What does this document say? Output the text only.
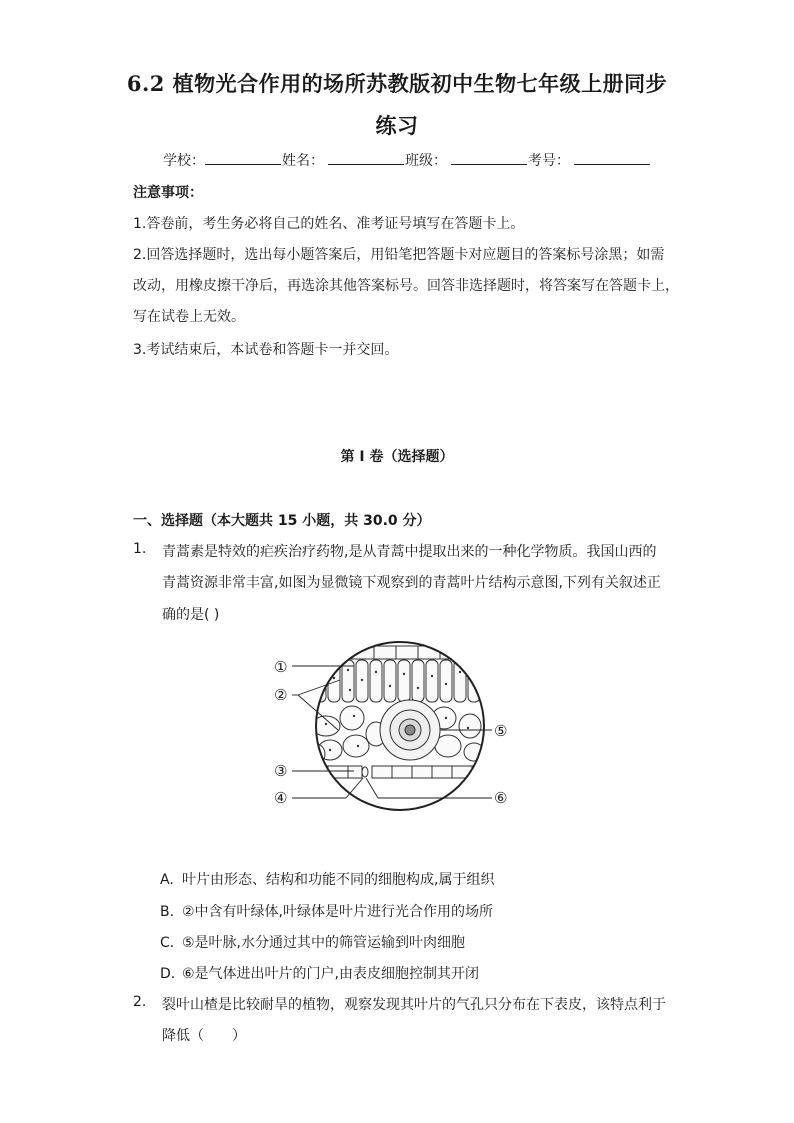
6.2 植物光合作用的场所苏教版初中生物七年级上册同步
练习
学校：	姓名：	班级：	考号：
注意事项：
1.答卷前，考生务必将自己的姓名、准考证号填写在答题卡上。
2.回答选择题时，选出每小题答案后，用铅笔把答题卡对应题目的答案标号涂黑；如需
改动，用橡皮擦干净后，再选涂其他答案标号。回答非选择题时，将答案写在答题卡上，
写在试卷上无效。
3.考试结束后，本试卷和答题卡一并交回。
第 I 卷（选择题）
一、选择题（本大题共 15 小题，共 30.0 分）
1. 青蒿素是特效的疟疾治疗药物,是从青蒿中提取出来的一种化学物质。我国山西的
青蒿资源非常丰富,如图为显微镜下观察到的青蒿叶片结构示意图,下列有关叙述正
确的是( )
①
②
③
④
⑤
⑥
A. 叶片由形态、结构和功能不同的细胞构成,属于组织
B. ②中含有叶绿体,叶绿体是叶片进行光合作用的场所
C. ⑤是叶脉,水分通过其中的筛管运输到叶肉细胞
D. ⑥是气体进出叶片的门户,由表皮细胞控制其开闭
2. 裂叶山楂是比较耐旱的植物，观察发现其叶片的气孔只分布在下表皮，该特点利于
降低（　　）
